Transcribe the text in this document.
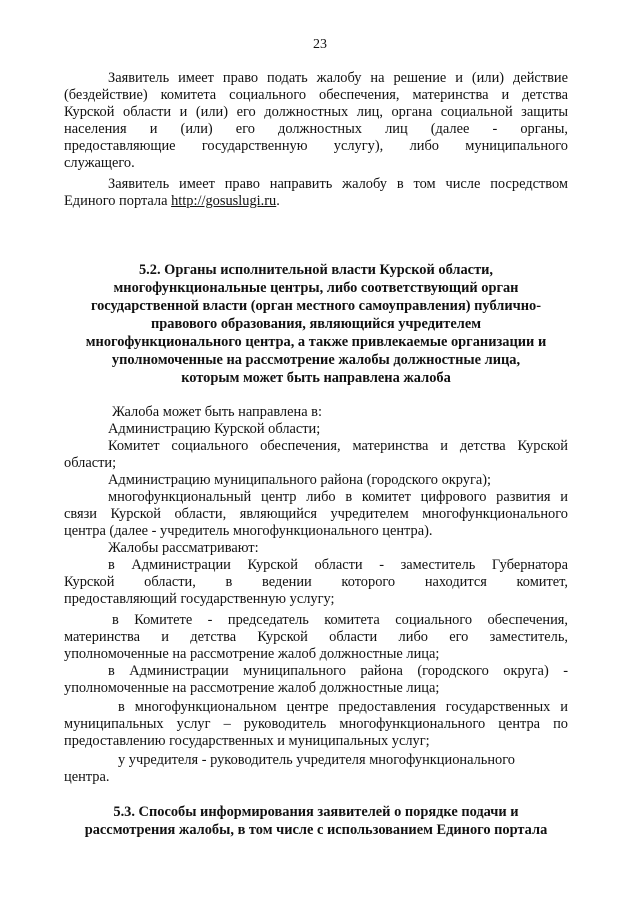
23
Заявитель имеет право подать жалобу на решение и (или) действие
(бездействие) комитета социального обеспечения, материнства и детства
Курской области и (или) его должностных лиц, органа социальной защиты
населения и (или) его должностных лиц (далее - органы,
предоставляющие государственную услугу), либо муниципального
служащего.
Заявитель имеет право направить жалобу в том числе посредством
Единого портала http://gosuslugi.ru.
5.2. Органы исполнительной власти Курской области,
многофункциональные центры, либо соответствующий орган
государственной власти (орган местного самоуправления) публично-
правового образования, являющийся учредителем
многофункционального центра, а также привлекаемые организации и
уполномоченные на рассмотрение жалобы должностные лица,
которым может быть направлена жалоба
Жалоба может быть направлена в:
Администрацию Курской области;
Комитет социального обеспечения, материнства и детства Курской
области;
Администрацию муниципального района (городского округа);
многофункциональный центр либо в комитет цифрового развития и
связи Курской области, являющийся учредителем многофункционального
центра (далее - учредитель многофункционального центра).
Жалобы рассматривают:
в Администрации Курской области - заместитель Губернатора
Курской области, в ведении которого находится комитет,
предоставляющий государственную услугу;
в Комитете - председатель комитета социального обеспечения,
материнства и детства Курской области либо его заместитель,
уполномоченные на рассмотрение жалоб должностные лица;
в Администрации муниципального района (городского округа) -
уполномоченные на рассмотрение жалоб должностные лица;
в многофункциональном центре предоставления государственных и
муниципальных услуг – руководитель многофункционального центра по
предоставлению государственных и муниципальных услуг;
у учредителя - руководитель учредителя многофункционального
центра.
5.3. Способы информирования заявителей о порядке подачи и
рассмотрения жалобы, в том числе с использованием Единого портала
